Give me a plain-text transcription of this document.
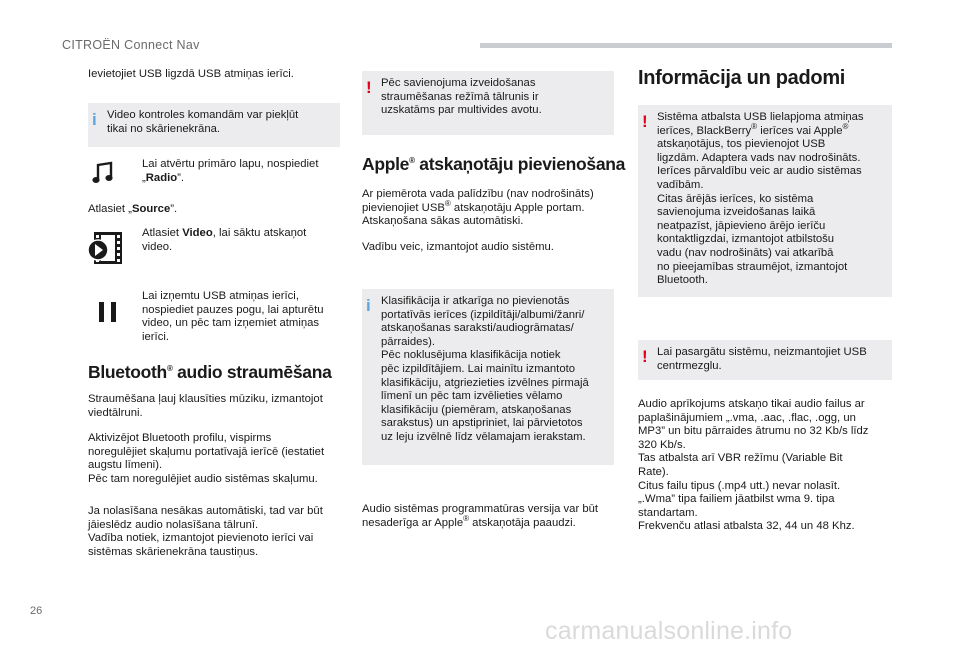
CITROËN Connect Nav

Ievietojiet USB ligzdā USB atmiņas ierīci.

i Video kontroles komandām var piekļūt
tikai no skārienekrāna.

Lai atvērtu primāro lapu, nospiediet
„Radio”.

Atlasiet „Source”.

Atlasiet Video, lai sāktu atskaņot
video.

Lai izņemtu USB atmiņas ierīci,
nospiediet pauzes pogu, lai apturētu
video, un pēc tam izņemiet atmiņas
ierīci.

Bluetooth® audio straumēšana

Straumēšana ļauj klausīties mūziku, izmantojot
viedtālruni.

Aktivizējot Bluetooth profilu, vispirms
noregulējiet skaļumu portatīvajā ierīcē (iestatiet
augstu līmeni).
Pēc tam noregulējiet audio sistēmas skaļumu.

Ja nolasīšana nesākas automātiski, tad var būt
jāieslēdz audio nolasīšana tālrunī.
Vadība notiek, izmantojot pievienoto ierīci vai
sistēmas skārienekrāna taustiņus.

! Pēc savienojuma izveidošanas
straumēšanas režīmā tālrunis ir
uzskatāms par multivides avotu.
Apple® atskaņotāju pievienošana

Ar piemērota vada palīdzību (nav nodrošināts)
pievienojiet USB® atskaņotāju Apple portam.
Atskaņošana sākas automātiski.

Vadību veic, izmantojot audio sistēmu.

i Klasifikācija ir atkarīga no pievienotās
portatīvās ierīces (izpildītāji/albumi/žanri/
atskaņošanas saraksti/audiogrāmatas/
pārraides).
Pēc noklusējuma klasifikācija notiek
pēc izpildītājiem. Lai mainītu izmantoto
klasifikāciju, atgriezieties izvēlnes pirmajā
līmenī un pēc tam izvēlieties vēlamo
klasifikāciju (piemēram, atskaņošanas
sarakstus) un apstipriniet, lai pārvietotos
uz leju izvēlnē līdz vēlamajam ierakstam.

Audio sistēmas programmatūras versija var būt
nesaderīga ar Apple® atskaņotāja paaudzi.

Informācija un padomi
! Sistēma atbalsta USB lielapjoma atmiņas
ierīces, BlackBerry® ierīces vai Apple®
atskaņotājus, tos pievienojot USB
ligzdām. Adaptera vads nav nodrošināts.
Ierīces pārvaldību veic ar audio sistēmas
vadībām.
Citas ārējās ierīces, ko sistēma
savienojuma izveidošanas laikā
neatpazīst, jāpievieno ārējo ierīču
kontaktligzdai, izmantojot atbilstošu
vadu (nav nodrošināts) vai atkarībā
no pieejamības straumējot, izmantojot
Bluetooth.
! Lai pasargātu sistēmu, neizmantojiet USB
centrmezglu.

Audio aprīkojums atskaņo tikai audio failus ar
paplašinājumiem „.vma, .aac, .flac, .ogg, un
MP3” un bitu pārraides ātrumu no 32 Kb/s līdz
320 Kb/s.
Tas atbalsta arī VBR režīmu (Variable Bit
Rate).
Citus failu tipus (.mp4 utt.) nevar nolasīt.
„.Wma” tipa failiem jāatbilst wma 9. tipa
standartam.
Frekvenču atlasi atbalsta 32, 44 un 48 Khz.

26
carmanualsonline.info
